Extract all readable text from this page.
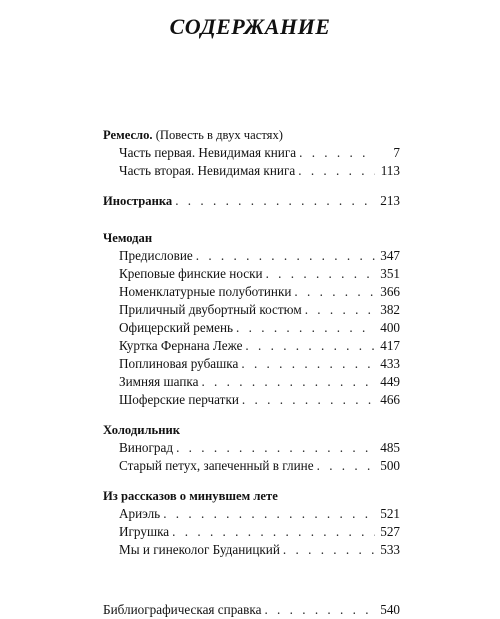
СОДЕРЖАНИЕ
Ремесло. (Повесть в двух частях)
Часть первая. Невидимая книга . . .	7
Часть вторая. Невидимая книга . . .	113
Иностранка . . .	213
Чемодан
Предисловие . . .	347
Креповые финские носки . . .	351
Номенклатурные полуботинки . . .	366
Приличный двубортный костюм . . .	382
Офицерский ремень . . .	400
Куртка Фернана Леже . . .	417
Поплиновая рубашка . . .	433
Зимняя шапка . . .	449
Шоферские перчатки . . .	466
Холодильник
Виноград . . .	485
Старый петух, запеченный в глине . . .	500
Из рассказов о минувшем лете
Ариэль . . .	521
Игрушка . . .	527
Мы и гинеколог Буданицкий . . .	533
Библиографическая справка . . .	540
